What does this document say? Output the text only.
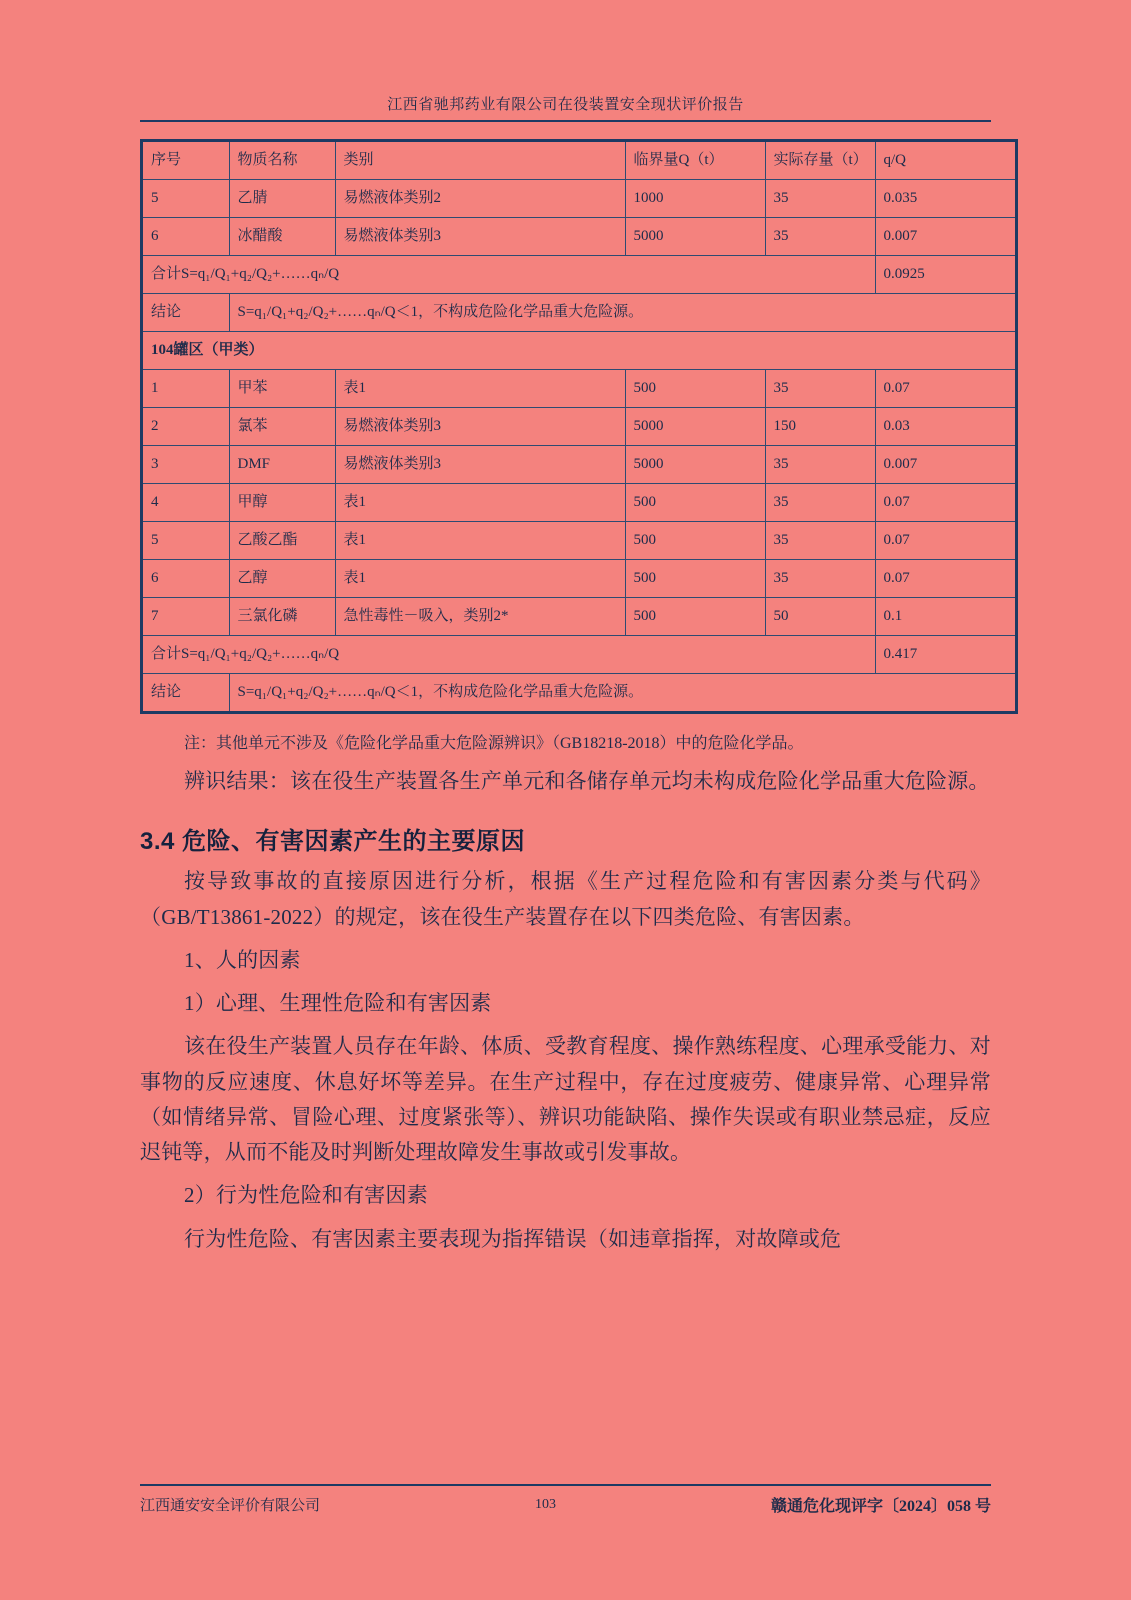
江西省驰邦药业有限公司在役装置安全现状评价报告
序号	物质名称	类别	临界量Q（t）	实际存量（t）	q/Q
5	乙腈	易燃液体类别2	1000	35	0.035
6	冰醋酸	易燃液体类别3	5000	35	0.007
合计S=q₁/Q₁+q₂/Q₂+……qₙ/Q					0.0925
结论	S=q₁/Q₁+q₂/Q₂+……qₙ/Q＜1，不构成危险化学品重大危险源。				
104罐区（甲类）					
1	甲苯	表1	500	35	0.07
2	氯苯	易燃液体类别3	5000	150	0.03
3	DMF	易燃液体类别3	5000	35	0.007
4	甲醇	表1	500	35	0.07
5	乙酸乙酯	表1	500	35	0.07
6	乙醇	表1	500	35	0.07
7	三氯化磷	急性毒性－吸入，类别2*	500	50	0.1
合计S=q₁/Q₁+q₂/Q₂+……qₙ/Q					0.417
结论	S=q₁/Q₁+q₂/Q₂+……qₙ/Q＜1，不构成危险化学品重大危险源。				
注：其他单元不涉及《危险化学品重大危险源辨识》（GB18218-2018）中的危险化学品。

辨识结果：该在役生产装置各生产单元和各储存单元均未构成危险化学品重大危险源。

3.4 危险、有害因素产生的主要原因

按导致事故的直接原因进行分析，根据《生产过程危险和有害因素分类与代码》（GB/T13861-2022）的规定，该在役生产装置存在以下四类危险、有害因素。

1、人的因素

1）心理、生理性危险和有害因素

该在役生产装置人员存在年龄、体质、受教育程度、操作熟练程度、心理承受能力、对事物的反应速度、休息好坏等差异。在生产过程中，存在过度疲劳、健康异常、心理异常（如情绪异常、冒险心理、过度紧张等）、辨识功能缺陷、操作失误或有职业禁忌症，反应迟钝等，从而不能及时判断处理故障发生事故或引发事故。

2）行为性危险和有害因素

行为性危险、有害因素主要表现为指挥错误（如违章指挥，对故障或危

江西通安安全评价有限公司	103	赣通危化现评字〔2024〕058 号
